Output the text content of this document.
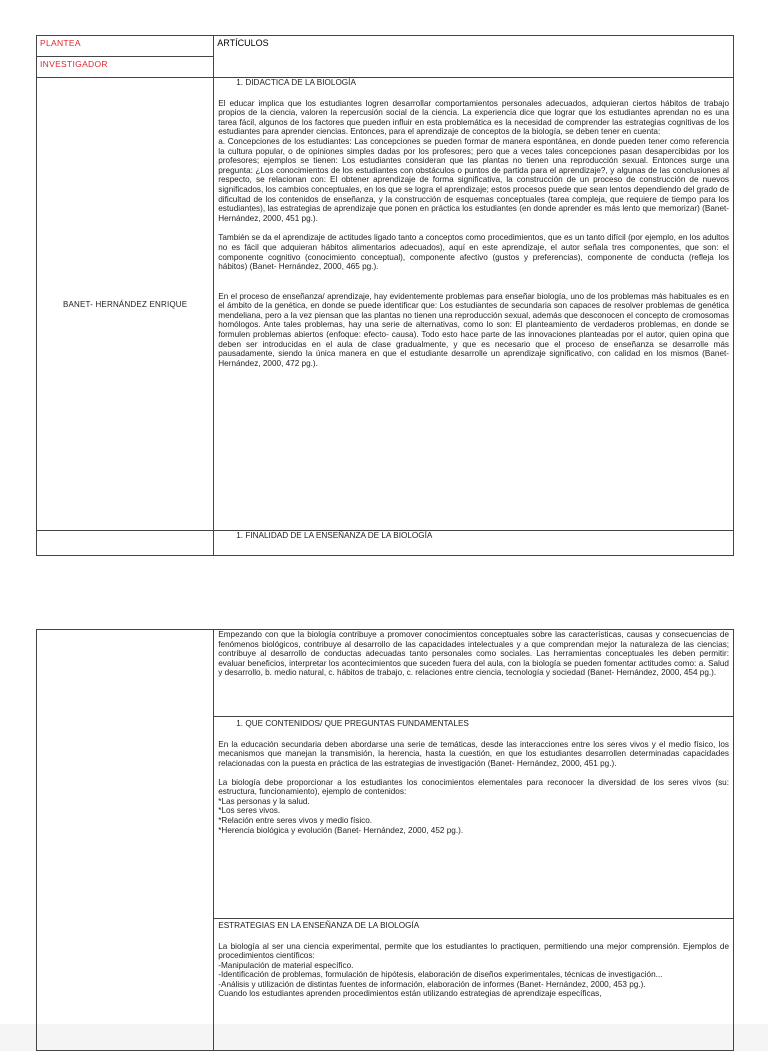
PLANTEA	ARTÍCULOS
INVESTIGADOR	
BANET- HERNÁNDEZ ENRIQUE	1. DIDACTICA DE LA BIOLOGÍA

El educar implica que los estudiantes logren desarrollar comportamientos personales adecuados, adquieran ciertos hábitos de trabajo propios de la ciencia, valoren la repercusión social de la ciencia. La experiencia dice que lograr que los estudiantes aprendan no es una tarea fácil, algunos de los factores que pueden influir en esta problemática es la necesidad de comprender las estrategias cognitivas de los estudiantes para aprender ciencias. Entonces, para el aprendizaje de conceptos de la biología, se deben tener en cuenta:

a. Concepciones de los estudiantes: Las concepciones se pueden formar de manera espontánea, en donde pueden tener como referencia la cultura popular, o de opiniones simples dadas por los profesores; pero que a veces tales concepciones pasan desapercibidas por los profesores; ejemplos se tienen: Los estudiantes consideran que las plantas no tienen una reproducción sexual. Entonces surge una pregunta: ¿Los conocimientos de los estudiantes con obstáculos o puntos de partida para el aprendizaje?, y algunas de las conclusiones al respecto, se relacionan con: El obtener aprendizaje de forma significativa, la construcción de un proceso de construcción de nuevos significados, los cambios conceptuales, en los que se logra el aprendizaje; estos procesos puede que sean lentos dependiendo del grado de dificultad de los contenidos de enseñanza, y la construcción de esquemas conceptuales (tarea compleja, que requiere de tiempo para los estudiantes), las estrategias de aprendizaje que ponen en práctica los estudiantes (en donde aprender es más lento que memorizar) (Banet- Hernández, 2000, 451 pg.).

También se da el aprendizaje de actitudes ligado tanto a conceptos como procedimientos, que es un tanto difícil (por ejemplo, en los adultos no es fácil que adquieran hábitos alimentarios adecuados), aquí en este aprendizaje, el autor señala tres componentes, que son: el componente cognitivo (conocimiento conceptual), componente afectivo (gustos y preferencias), componente de conducta (refleja los hábitos) (Banet- Hernández, 2000, 465 pg.).

En el proceso de enseñanza/ aprendizaje, hay evidentemente problemas para enseñar biología, uno de los problemas más habituales es en el ámbito de la genética, en donde se puede identificar que: Los estudiantes de secundaria son capaces de resolver problemas de genética mendeliana, pero a la vez piensan que las plantas no tienen una reproducción sexual, además que desconocen el concepto de cromosomas homólogos. Ante tales problemas, hay una serie de alternativas, como lo son: El planteamiento de verdaderos problemas, en donde se formulen problemas abiertos (enfoque: efecto- causa). Todo esto hace parte de las innovaciones planteadas por el autor, quien opina que deben ser introducidas en el aula de clase gradualmente, y que es necesario que el proceso de enseñanza se desarrolle más pausadamente, siendo la única manera en que el estudiante desarrolle un aprendizaje significativo, con calidad en los mismos (Banet- Hernández, 2000, 472 pg.).

	1. FINALIDAD DE LA ENSEÑANZA DE LA BIOLOGÍA

Empezando con que la biología contribuye a promover conocimientos conceptuales sobre las características, causas y consecuencias de fenómenos biológicos, contribuye al desarrollo de las capacidades intelectuales y a que comprendan mejor la naturaleza de las ciencias; contribuye al desarrollo de conductas adecuadas tanto personales como sociales. Las herramientas conceptuales les deben permitir: evaluar beneficios, interpretar los acontecimientos que suceden fuera del aula, con la biología se pueden fomentar actitudes como: a. Salud y desarrollo, b. medio natural, c. hábitos de trabajo, c. relaciones entre ciencia, tecnología y sociedad (Banet- Hernández, 2000, 454 pg.).

1. QUE CONTENIDOS/ QUE PREGUNTAS FUNDAMENTALES

En la educación secundaria deben abordarse una serie de temáticas, desde las interacciones entre los seres vivos y el medio físico, los mecanismos que manejan la transmisión, la herencia, hasta la cuestión, en que los estudiantes desarrollen determinadas capacidades relacionadas con la puesta en práctica de las estrategias de investigación (Banet- Hernández, 2000, 451 pg.).

La biología debe proporcionar a los estudiantes los conocimientos elementales para reconocer la diversidad de los seres vivos (su: estructura, funcionamiento), ejemplo de contenidos:

*Las personas y la salud.
*Los seres vivos.
*Relación entre seres vivos y medio físico.
*Herencia biológica y evolución (Banet- Hernández, 2000, 452 pg.).

ESTRATEGIAS EN LA ENSEÑANZA DE LA BIOLOGÍA

La biología al ser una ciencia experimental, permite que los estudiantes lo practiquen, permitiendo una mejor comprensión. Ejemplos de procedimientos científicos:

-Manipulación de material específico.
-Identificación de problemas, formulación de hipótesis, elaboración de diseños experimentales, técnicas de investigación...
-Análisis y utilización de distintas fuentes de información, elaboración de informes (Banet- Hernández, 2000, 453 pg.).

Cuando los estudiantes aprenden procedimientos están utilizando estrategias de aprendizaje específicas,
